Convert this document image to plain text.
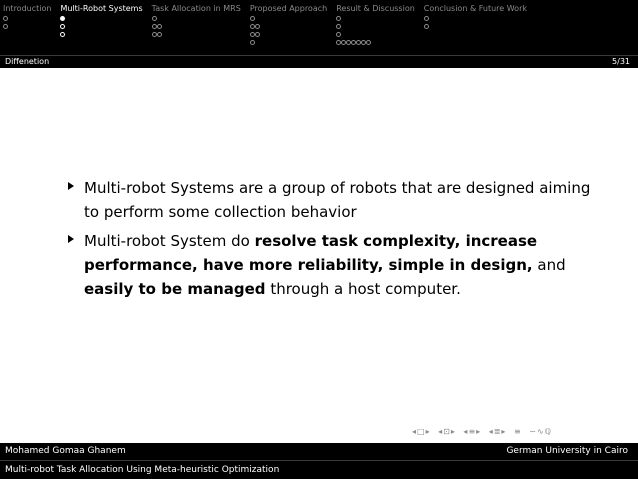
Introduction Multi-Robot Systems Task Allocation in MRS Proposed Approach Result & Discussion Conclusion & Future Work
Diffenetion	5/31
Multi-robot Systems are a group of robots that are designed aiming to perform some collection behavior
Multi-robot System do resolve task complexity, increase performance, have more reliability, simple in design, and easily to be managed through a host computer.
◂□▸ ◂⊡▸ ◂≡▸ ◂≣▸ ≡ ∽∿ℚ
Mohamed Gomaa Ghanem	German University in Cairo
Multi-robot Task Allocation Using Meta-heuristic Optimization
